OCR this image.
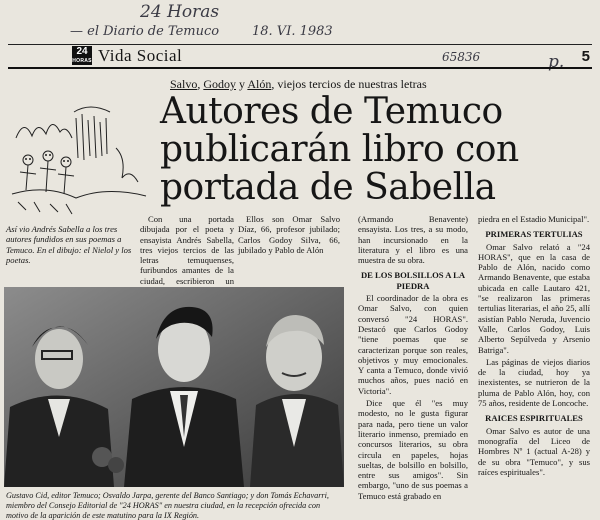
24 Horas
— el Diario de Temuco	18. VI. 1983
65836	p.
24
HORAS Vida Social	5
Salvo, Godoy y Alón, viejos tercios de nuestras letras
Autores de Temuco
publicarán libro con
portada de Sabella
Así vio Andrés Sabella a los tres autores fundidos en sus poemas a Temuco. En el dibujo: el Nielol y los poetas.

Con una portada dibujada por el poeta y ensayista Andrés Sabella, tres viejos tercios de las letras temuquenses, furibundos amantes de la ciudad, escribieron un

Ellos son Omar Salvo Díaz, 66, profesor jubilado; Carlos Godoy Silva, 66, jubilado y Pablo de Alón

(Armando Benavente) ensayista. Los tres, a su modo, han incursionado en la literatura y el libro es una muestra de su obra.

DE LOS BOLSILLOS A LA PIEDRA

El coordinador de la obra es Omar Salvo, con quien conversó "24 HORAS". Destacó que Carlos Godoy "tiene poemas que se caracterizan porque son reales, objetivos y muy emocionales. Y canta a Temuco, donde vivió muchos años, pues nació en Victoria".

Dice que él "es muy modesto, no le gusta figurar para nada, pero tiene un valor literario inmenso, premiado en concursos literarios, su obra circula en papeles, hojas sueltas, de bolsillo en bolsillo, entre sus amigos". Sin embargo, "uno de sus poemas a Temuco está grabado en

piedra en el Estadio Municipal".

PRIMERAS TERTULIAS

Omar Salvo relató a "24 HORAS", que en la casa de Pablo de Alón, nacido como Armando Benavente, que estaba ubicada en calle Lautaro 421, "se realizaron las primeras tertulias literarias, el año 25, allí asistían Pablo Neruda, Juvencio Valle, Carlos Godoy, Luis Alberto Sepúlveda y Arsenio Batriga".

Las páginas de viejos diarios de la ciudad, hoy ya inexistentes, se nutrieron de la pluma de Pablo Alón, hoy, con 75 años, residente de Loncoche.

RAICES ESPIRITUALES

Omar Salvo es autor de una monografía del Liceo de Hombres Nº 1 (actual A-28) y de su obra "Temuco", y sus raíces espirituales".

Gustavo Cid, editor Temuco; Osvaldo Jarpa, gerente del Banco Santiago; y don Tomás Echavarri, miembro del Consejo Editorial de "24 HORAS" en nuestra ciudad, en la recepción ofrecida con motivo de la aparición de este matutino para la IX Región.
